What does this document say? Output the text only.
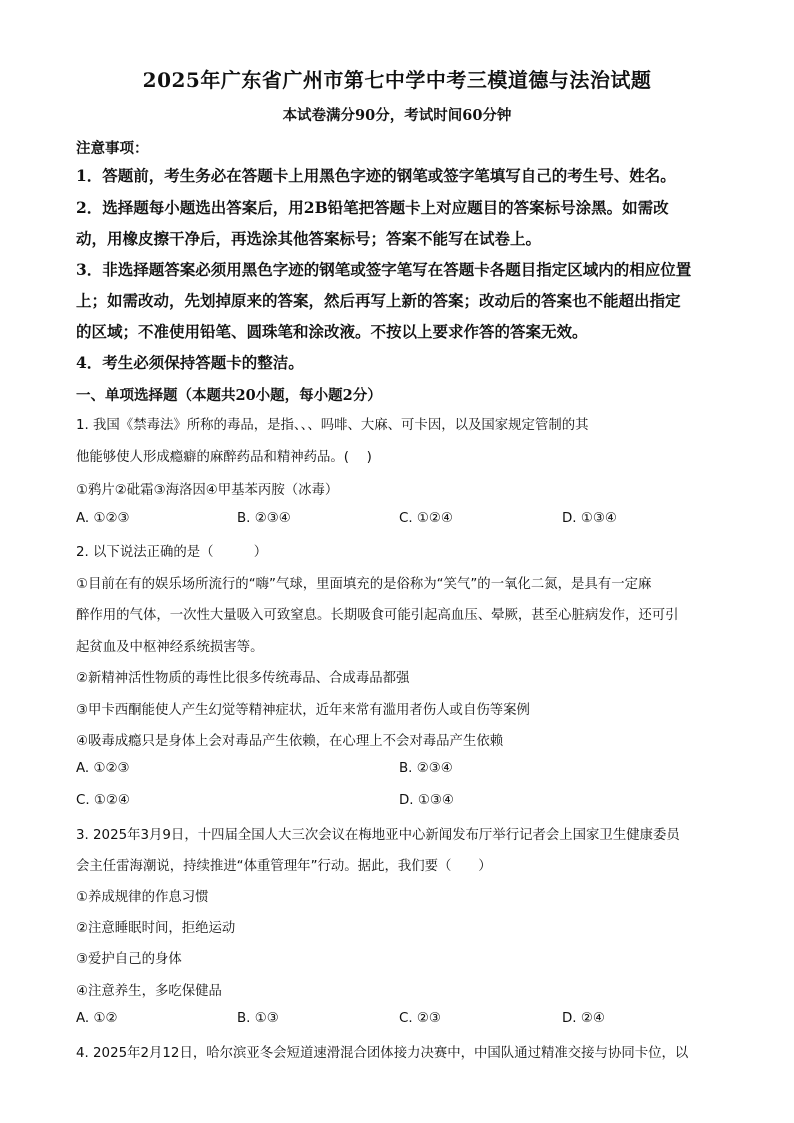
2025年广东省广州市第七中学中考三模道德与法治试题
本试卷满分90分，考试时间60分钟
注意事项：
1．答题前，考生务必在答题卡上用黑色字迹的钢笔或签字笔填写自己的考生号、姓名。
2．选择题每小题选出答案后，用2B铅笔把答题卡上对应题目的答案标号涂黑。如需改
动，用橡皮擦干净后，再选涂其他答案标号；答案不能写在试卷上。
3．非选择题答案必须用黑色字迹的钢笔或签字笔写在答题卡各题目指定区域内的相应位置
上；如需改动，先划掉原来的答案，然后再写上新的答案；改动后的答案也不能超出指定
的区域；不准使用铅笔、圆珠笔和涂改液。不按以上要求作答的答案无效。
4．考生必须保持答题卡的整洁。
一、单项选择题（本题共20小题，每小题2分）
1. 我国《禁毒法》所称的毒品，是指、、、吗啡、大麻、可卡因，以及国家规定管制的其
他能够使人形成瘾癖的麻醉药品和精神药品。(　 )
①鸦片②砒霜③海洛因④甲基苯丙胺（冰毒）
A. ①②③	B. ②③④	C. ①②④	D. ①③④
2. 以下说法正确的是（　　　）
①目前在有的娱乐场所流行的“嗨”气球，里面填充的是俗称为“笑气”的一氧化二氮，是具有一定麻
醉作用的气体，一次性大量吸入可致窒息。长期吸食可能引起高血压、晕厥，甚至心脏病发作，还可引
起贫血及中枢神经系统损害等。
②新精神活性物质的毒性比很多传统毒品、合成毒品都强
③甲卡西酮能使人产生幻觉等精神症状，近年来常有滥用者伤人或自伤等案例
④吸毒成瘾只是身体上会对毒品产生依赖，在心理上不会对毒品产生依赖
A. ①②③	B. ②③④
C. ①②④	D. ①③④
3. 2025年3月9日，十四届全国人大三次会议在梅地亚中心新闻发布厅举行记者会上国家卫生健康委员
会主任雷海潮说，持续推进“体重管理年”行动。据此，我们要（　　）
①养成规律的作息习惯
②注意睡眠时间，拒绝运动
③爱护自己的身体
④注意养生，多吃保健品
A. ①②	B. ①③	C. ②③	D. ②④
4. 2025年2月12日，哈尔滨亚冬会短道速滑混合团体接力决赛中，中国队通过精准交接与协同卡位，以
